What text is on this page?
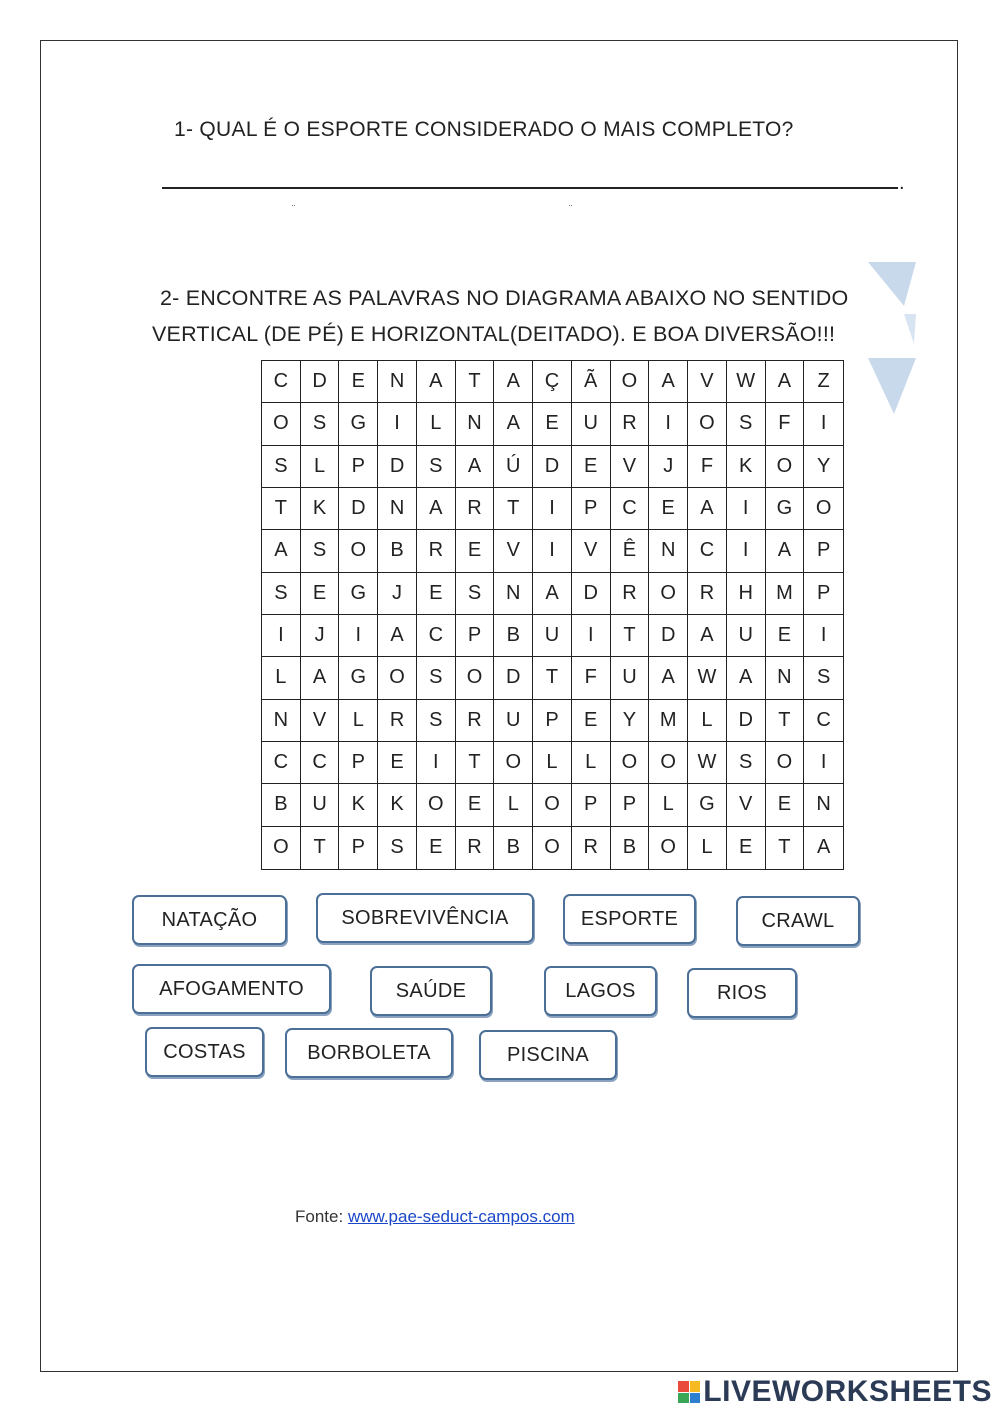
1- QUAL É O ESPORTE CONSIDERADO O MAIS COMPLETO?
.
¨	¨
2- ENCONTRE AS PALAVRAS NO DIAGRAMA ABAIXO NO SENTIDO
VERTICAL (DE PÉ) E HORIZONTAL(DEITADO). E BOA DIVERSÃO!!!
C	D	E	N	A	T	A	Ç	Ã	O	A	V	W	A	Z
O	S	G	I	L	N	A	E	U	R	I	O	S	F	I
S	L	P	D	S	A	Ú	D	E	V	J	F	K	O	Y
T	K	D	N	A	R	T	I	P	C	E	A	I	G	O
A	S	O	B	R	E	V	I	V	Ê	N	C	I	A	P
S	E	G	J	E	S	N	A	D	R	O	R	H	M	P
I	J	I	A	C	P	B	U	I	T	D	A	U	E	I
L	A	G	O	S	O	D	T	F	U	A	W	A	N	S
N	V	L	R	S	R	U	P	E	Y	M	L	D	T	C
C	C	P	E	I	T	O	L	L	O	O	W	S	O	I
B	U	K	K	O	E	L	O	P	P	L	G	V	E	N
O	T	P	S	E	R	B	O	R	B	O	L	E	T	A
NATAÇÃO	SOBREVIVÊNCIA	ESPORTE	CRAWL
AFOGAMENTO	SAÚDE	LAGOS	RIOS
COSTAS	BORBOLETA	PISCINA
Fonte: www.pae-seduct-campos.com
LIVEWORKSHEETS
